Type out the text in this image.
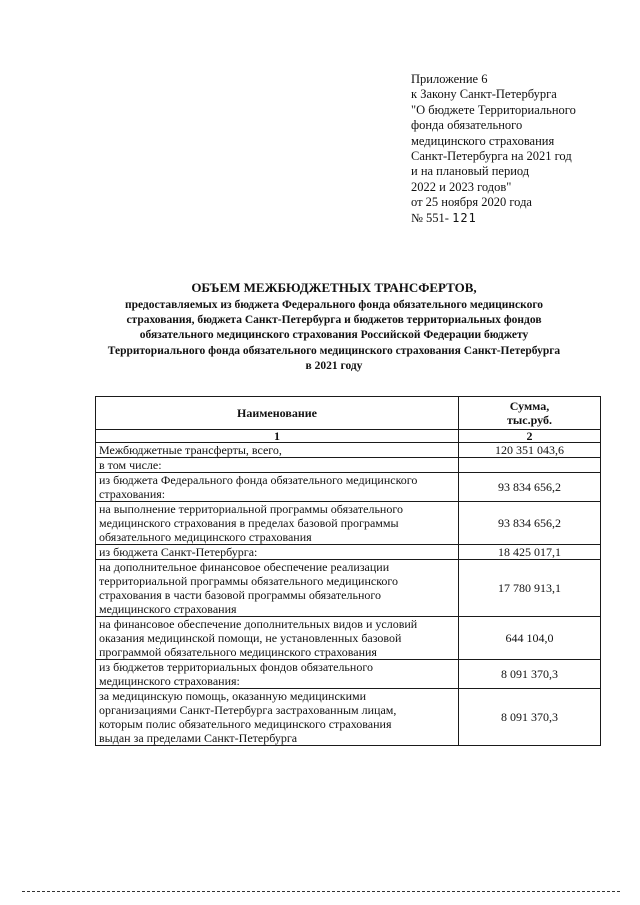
Приложение 6
к Закону Санкт-Петербурга
"О бюджете Территориального
фонда обязательного
медицинского страхования
Санкт-Петербурга на 2021 год
и на плановый период
2022 и 2023 годов"
от 25 ноября 2020 года
№ 551- 121
ОБЪЕМ МЕЖБЮДЖЕТНЫХ ТРАНСФЕРТОВ,
предоставляемых из бюджета Федерального фонда обязательного медицинского
страхования, бюджета Санкт-Петербурга и бюджетов территориальных фондов
обязательного медицинского страхования Российской Федерации бюджету
Территориального фонда обязательного медицинского страхования Санкт-Петербурга
в 2021 году
Наименование	Сумма,
тыс.руб.

1	2

Межбюджетные трансферты, всего,	120 351 043,6

в том числе:	

из бюджета Федерального фонда обязательного медицинского
страхования:	93 834 656,2

на выполнение территориальной программы обязательного
медицинского страхования в пределах базовой программы
обязательного медицинского страхования	93 834 656,2

из бюджета Санкт-Петербурга:	18 425 017,1

на дополнительное финансовое обеспечение реализации
территориальной программы обязательного медицинского
страхования в части базовой программы обязательного
медицинского страхования	17 780 913,1

на финансовое обеспечение дополнительных видов и условий
оказания медицинской помощи, не установленных базовой
программой обязательного медицинского страхования	644 104,0

из бюджетов территориальных фондов обязательного
медицинского страхования:	8 091 370,3

за медицинскую помощь, оказанную медицинскими
организациями Санкт-Петербурга застрахованным лицам,
которым полис обязательного медицинского страхования
выдан за пределами Санкт-Петербурга	8 091 370,3
